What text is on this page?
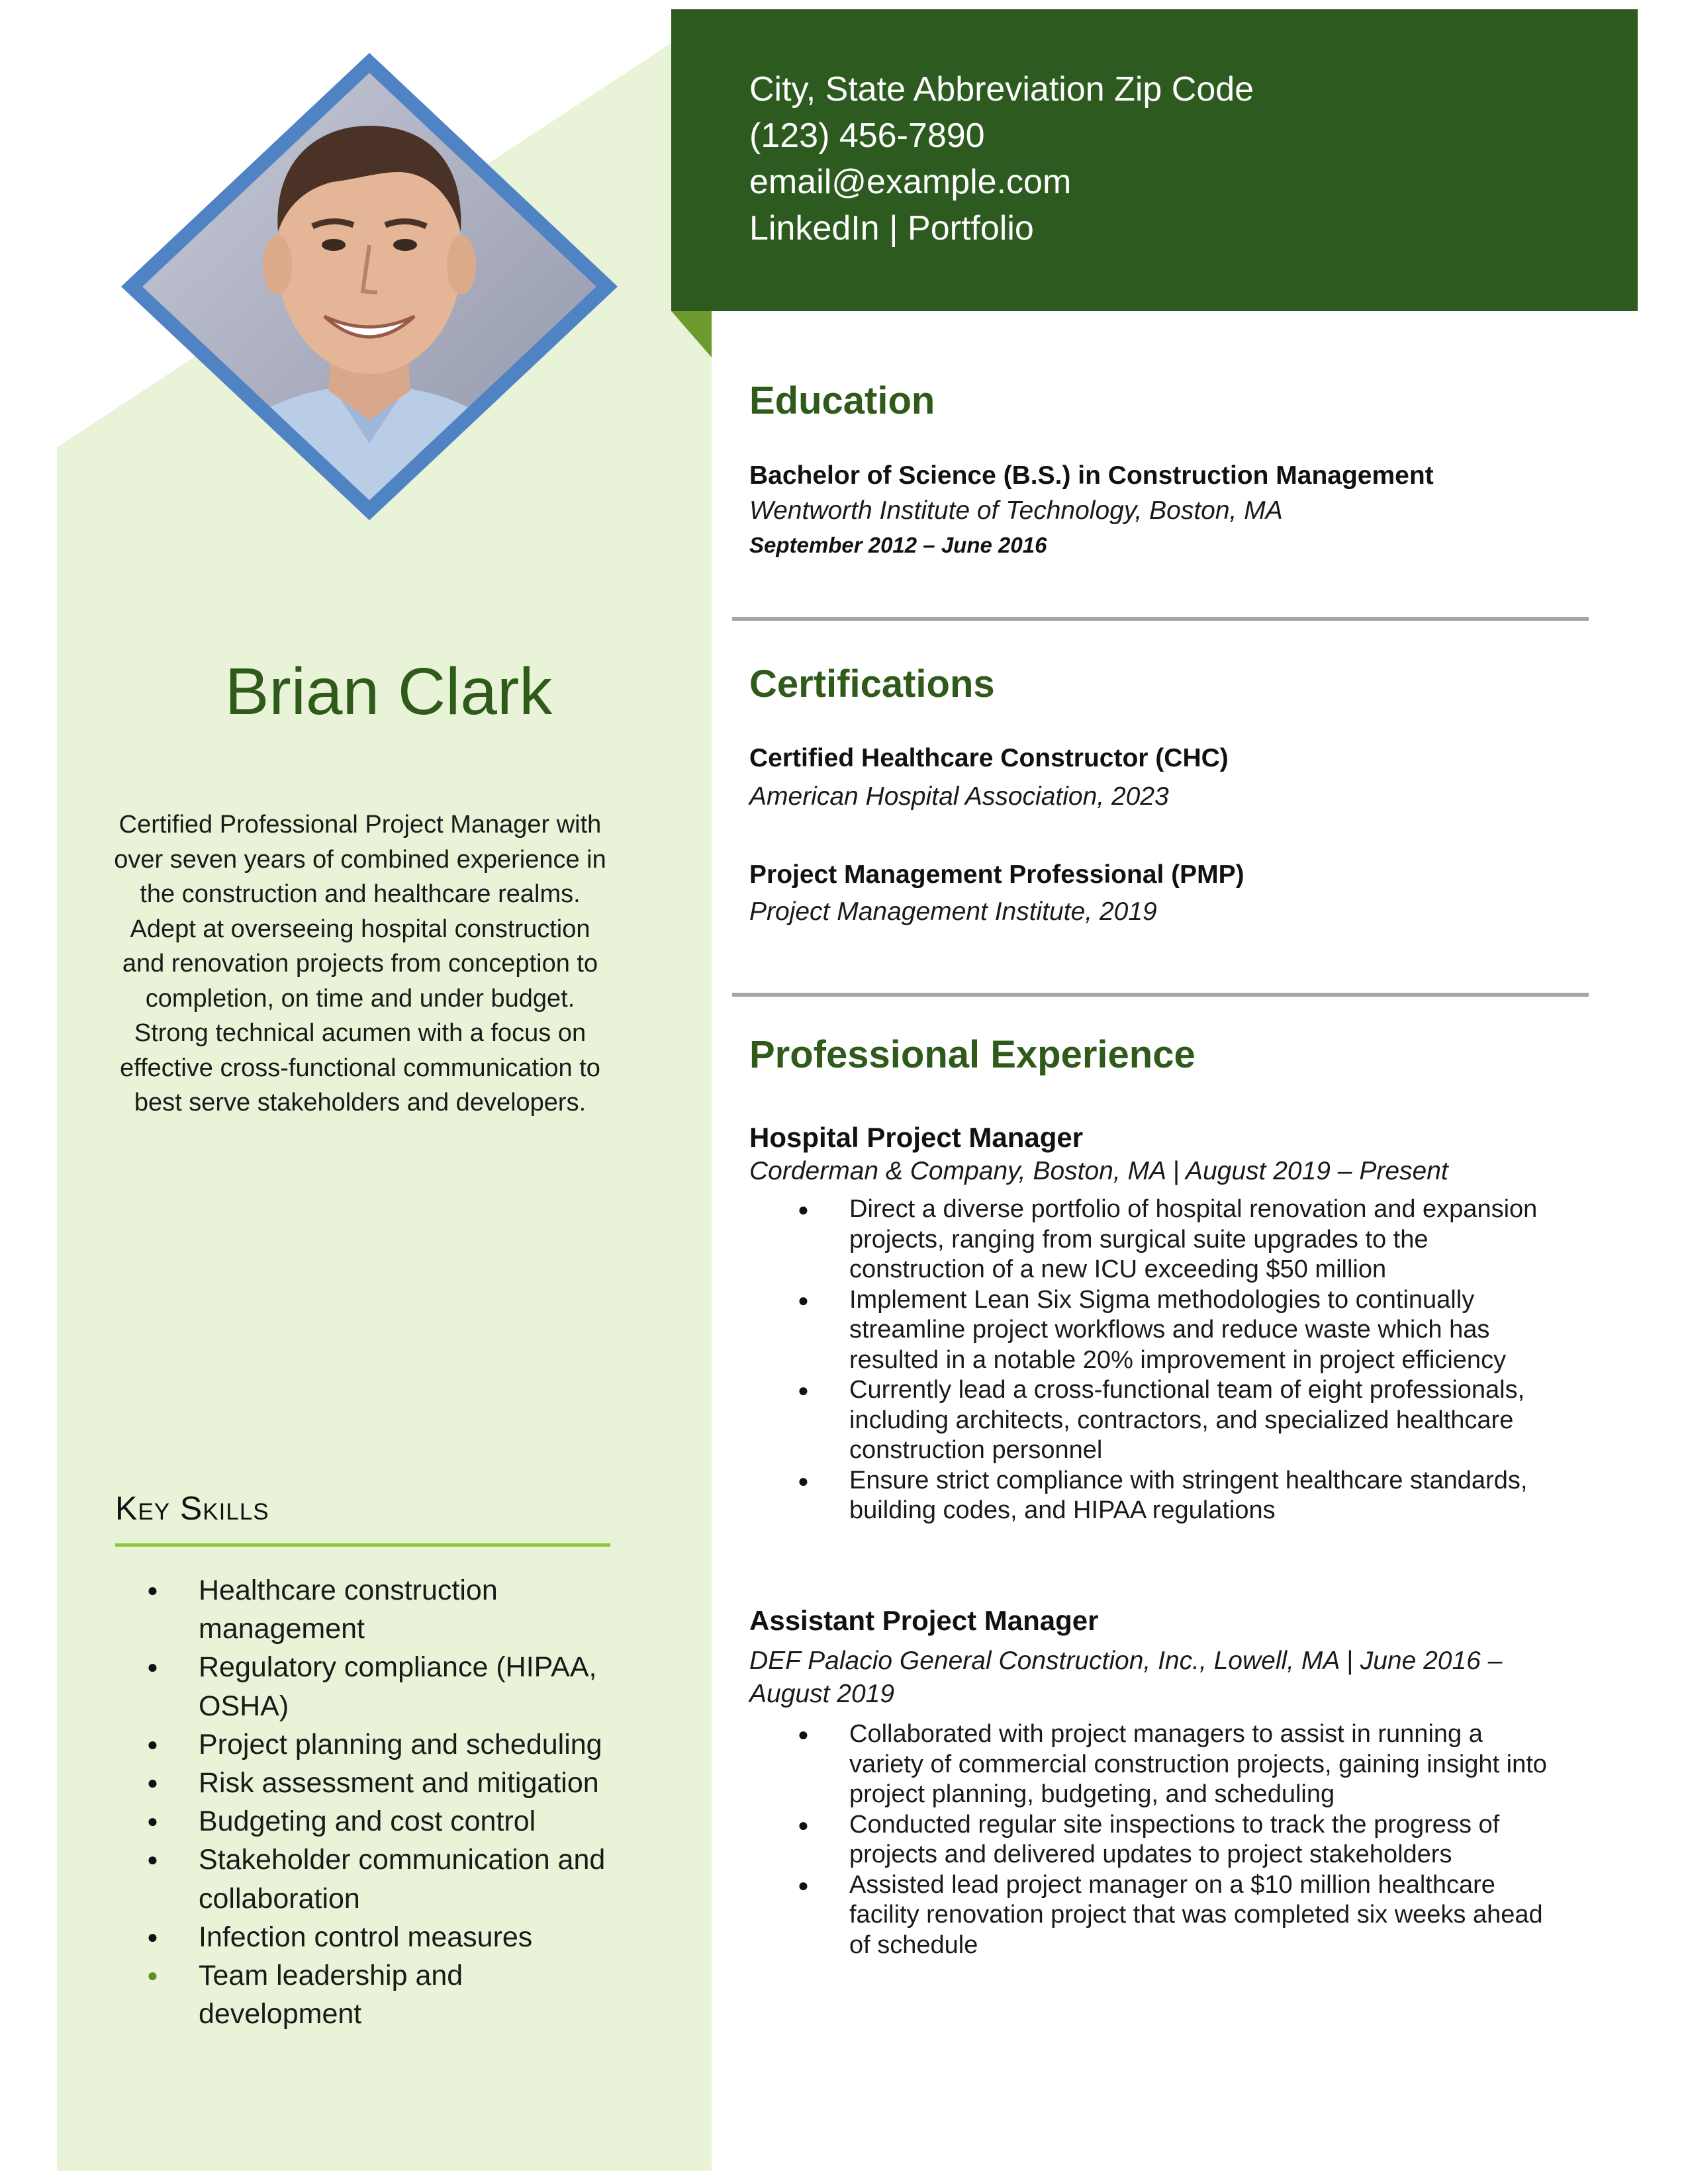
Brian Clark
Certified Professional Project Manager with over seven years of combined experience in the construction and healthcare realms. Adept at overseeing hospital construction and renovation projects from conception to completion, on time and under budget. Strong technical acumen with a focus on effective cross-functional communication to best serve stakeholders and developers.
Key Skills
● Healthcare construction management
● Regulatory compliance (HIPAA, OSHA)
● Project planning and scheduling
● Risk assessment and mitigation
● Budgeting and cost control
● Stakeholder communication and collaboration
● Infection control measures
● Team leadership and development
City, State Abbreviation Zip Code
(123) 456-7890
email@example.com
LinkedIn | Portfolio
Education
Bachelor of Science (B.S.) in Construction Management
Wentworth Institute of Technology, Boston, MA
September 2012 – June 2016
Certifications
Certified Healthcare Constructor (CHC)
American Hospital Association, 2023
Project Management Professional (PMP)
Project Management Institute, 2019
Professional Experience
Hospital Project Manager
Corderman & Company, Boston, MA | August 2019 – Present
● Direct a diverse portfolio of hospital renovation and expansion projects, ranging from surgical suite upgrades to the construction of a new ICU exceeding $50 million
● Implement Lean Six Sigma methodologies to continually streamline project workflows and reduce waste which has resulted in a notable 20% improvement in project efficiency
● Currently lead a cross-functional team of eight professionals, including architects, contractors, and specialized healthcare construction personnel
● Ensure strict compliance with stringent healthcare standards, building codes, and HIPAA regulations
Assistant Project Manager
DEF Palacio General Construction, Inc., Lowell, MA | June 2016 – August 2019
● Collaborated with project managers to assist in running a variety of commercial construction projects, gaining insight into project planning, budgeting, and scheduling
● Conducted regular site inspections to track the progress of projects and delivered updates to project stakeholders
● Assisted lead project manager on a $10 million healthcare facility renovation project that was completed six weeks ahead of schedule
